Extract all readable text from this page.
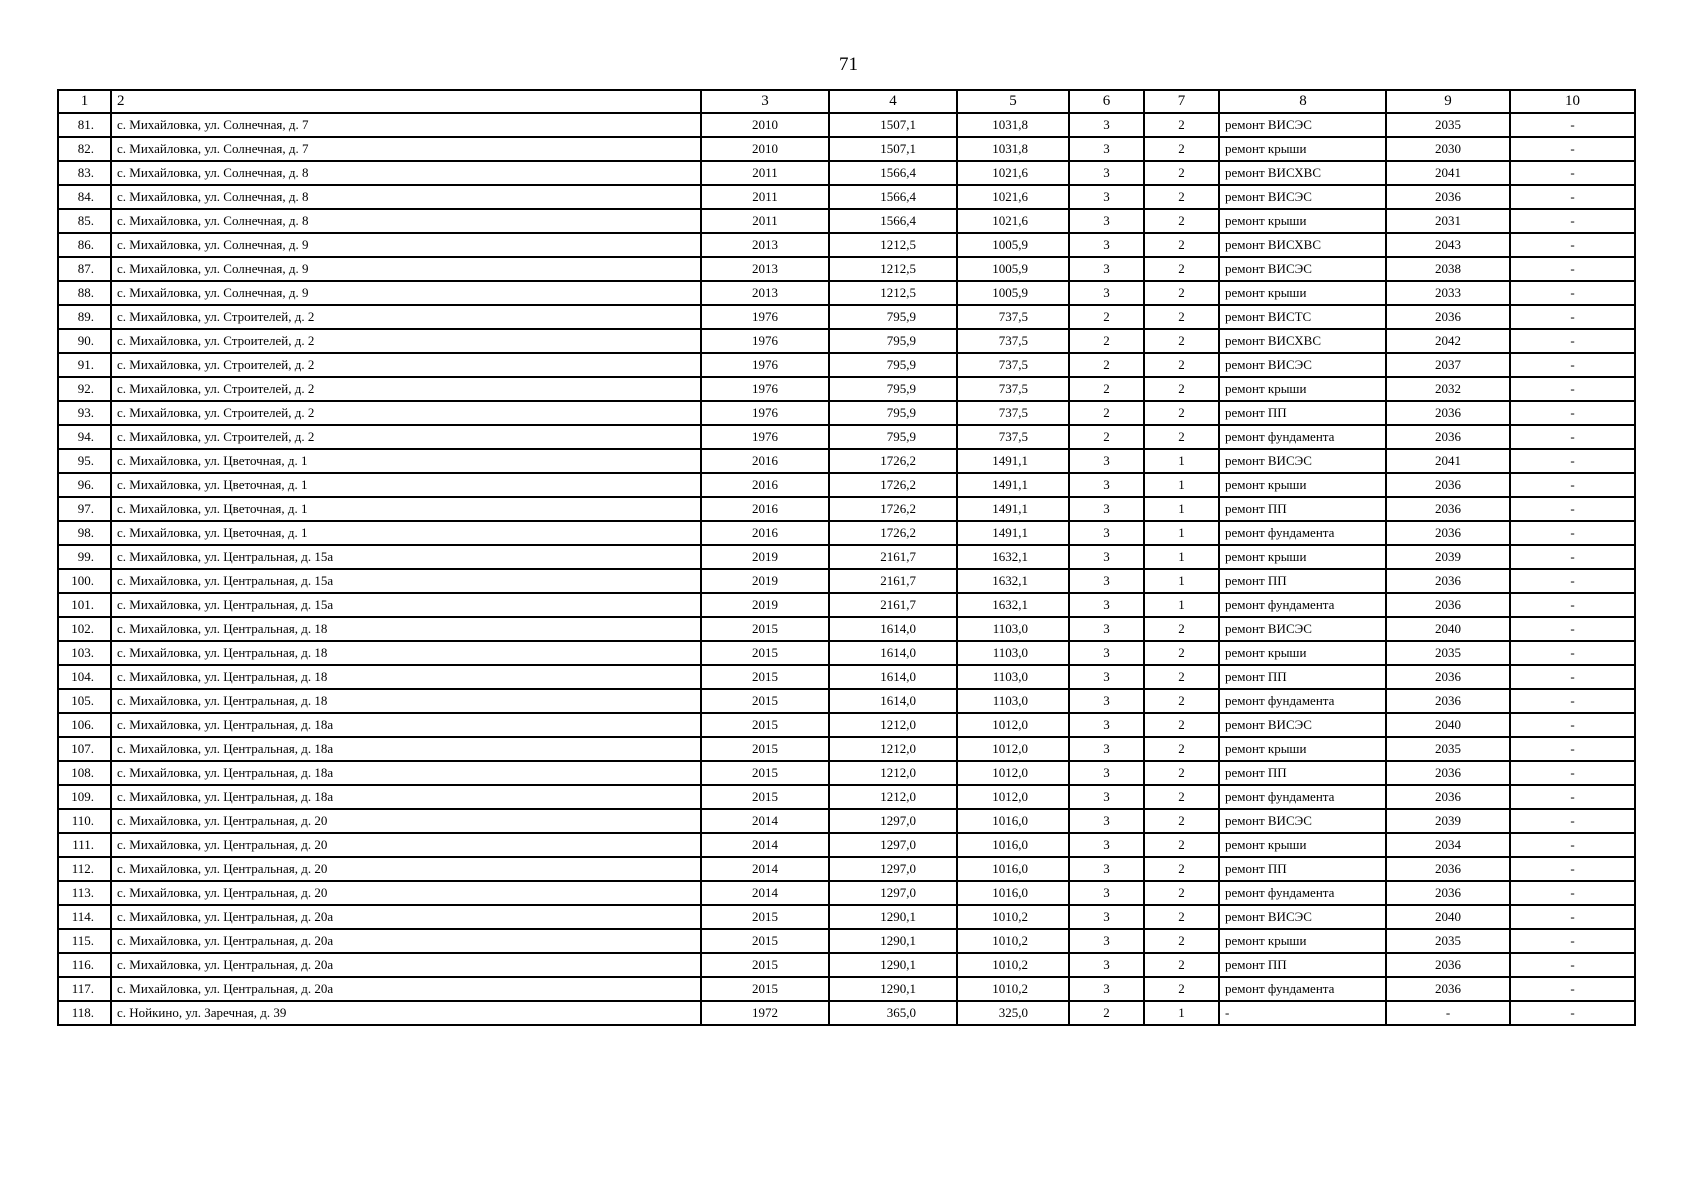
71
1	2	3	4	5	6	7	8	9	10
81.	с. Михайловка, ул. Солнечная, д. 7	2010	1507,1	1031,8	3	2	ремонт ВИСЭС	2035	-
82.	с. Михайловка, ул. Солнечная, д. 7	2010	1507,1	1031,8	3	2	ремонт крыши	2030	-
83.	с. Михайловка, ул. Солнечная, д. 8	2011	1566,4	1021,6	3	2	ремонт ВИСХВС	2041	-
84.	с. Михайловка, ул. Солнечная, д. 8	2011	1566,4	1021,6	3	2	ремонт ВИСЭС	2036	-
85.	с. Михайловка, ул. Солнечная, д. 8	2011	1566,4	1021,6	3	2	ремонт крыши	2031	-
86.	с. Михайловка, ул. Солнечная, д. 9	2013	1212,5	1005,9	3	2	ремонт ВИСХВС	2043	-
87.	с. Михайловка, ул. Солнечная, д. 9	2013	1212,5	1005,9	3	2	ремонт ВИСЭС	2038	-
88.	с. Михайловка, ул. Солнечная, д. 9	2013	1212,5	1005,9	3	2	ремонт крыши	2033	-
89.	с. Михайловка, ул. Строителей, д. 2	1976	795,9	737,5	2	2	ремонт ВИСТС	2036	-
90.	с. Михайловка, ул. Строителей, д. 2	1976	795,9	737,5	2	2	ремонт ВИСХВС	2042	-
91.	с. Михайловка, ул. Строителей, д. 2	1976	795,9	737,5	2	2	ремонт ВИСЭС	2037	-
92.	с. Михайловка, ул. Строителей, д. 2	1976	795,9	737,5	2	2	ремонт крыши	2032	-
93.	с. Михайловка, ул. Строителей, д. 2	1976	795,9	737,5	2	2	ремонт ПП	2036	-
94.	с. Михайловка, ул. Строителей, д. 2	1976	795,9	737,5	2	2	ремонт фундамента	2036	-
95.	с. Михайловка, ул. Цветочная, д. 1	2016	1726,2	1491,1	3	1	ремонт ВИСЭС	2041	-
96.	с. Михайловка, ул. Цветочная, д. 1	2016	1726,2	1491,1	3	1	ремонт крыши	2036	-
97.	с. Михайловка, ул. Цветочная, д. 1	2016	1726,2	1491,1	3	1	ремонт ПП	2036	-
98.	с. Михайловка, ул. Цветочная, д. 1	2016	1726,2	1491,1	3	1	ремонт фундамента	2036	-
99.	с. Михайловка, ул. Центральная, д. 15а	2019	2161,7	1632,1	3	1	ремонт крыши	2039	-
100.	с. Михайловка, ул. Центральная, д. 15а	2019	2161,7	1632,1	3	1	ремонт ПП	2036	-
101.	с. Михайловка, ул. Центральная, д. 15а	2019	2161,7	1632,1	3	1	ремонт фундамента	2036	-
102.	с. Михайловка, ул. Центральная, д. 18	2015	1614,0	1103,0	3	2	ремонт ВИСЭС	2040	-
103.	с. Михайловка, ул. Центральная, д. 18	2015	1614,0	1103,0	3	2	ремонт крыши	2035	-
104.	с. Михайловка, ул. Центральная, д. 18	2015	1614,0	1103,0	3	2	ремонт ПП	2036	-
105.	с. Михайловка, ул. Центральная, д. 18	2015	1614,0	1103,0	3	2	ремонт фундамента	2036	-
106.	с. Михайловка, ул. Центральная, д. 18а	2015	1212,0	1012,0	3	2	ремонт ВИСЭС	2040	-
107.	с. Михайловка, ул. Центральная, д. 18а	2015	1212,0	1012,0	3	2	ремонт крыши	2035	-
108.	с. Михайловка, ул. Центральная, д. 18а	2015	1212,0	1012,0	3	2	ремонт ПП	2036	-
109.	с. Михайловка, ул. Центральная, д. 18а	2015	1212,0	1012,0	3	2	ремонт фундамента	2036	-
110.	с. Михайловка, ул. Центральная, д. 20	2014	1297,0	1016,0	3	2	ремонт ВИСЭС	2039	-
111.	с. Михайловка, ул. Центральная, д. 20	2014	1297,0	1016,0	3	2	ремонт крыши	2034	-
112.	с. Михайловка, ул. Центральная, д. 20	2014	1297,0	1016,0	3	2	ремонт ПП	2036	-
113.	с. Михайловка, ул. Центральная, д. 20	2014	1297,0	1016,0	3	2	ремонт фундамента	2036	-
114.	с. Михайловка, ул. Центральная, д. 20а	2015	1290,1	1010,2	3	2	ремонт ВИСЭС	2040	-
115.	с. Михайловка, ул. Центральная, д. 20а	2015	1290,1	1010,2	3	2	ремонт крыши	2035	-
116.	с. Михайловка, ул. Центральная, д. 20а	2015	1290,1	1010,2	3	2	ремонт ПП	2036	-
117.	с. Михайловка, ул. Центральная, д. 20а	2015	1290,1	1010,2	3	2	ремонт фундамента	2036	-
118.	с. Нойкино, ул. Заречная, д. 39	1972	365,0	325,0	2	1	-	-	-
